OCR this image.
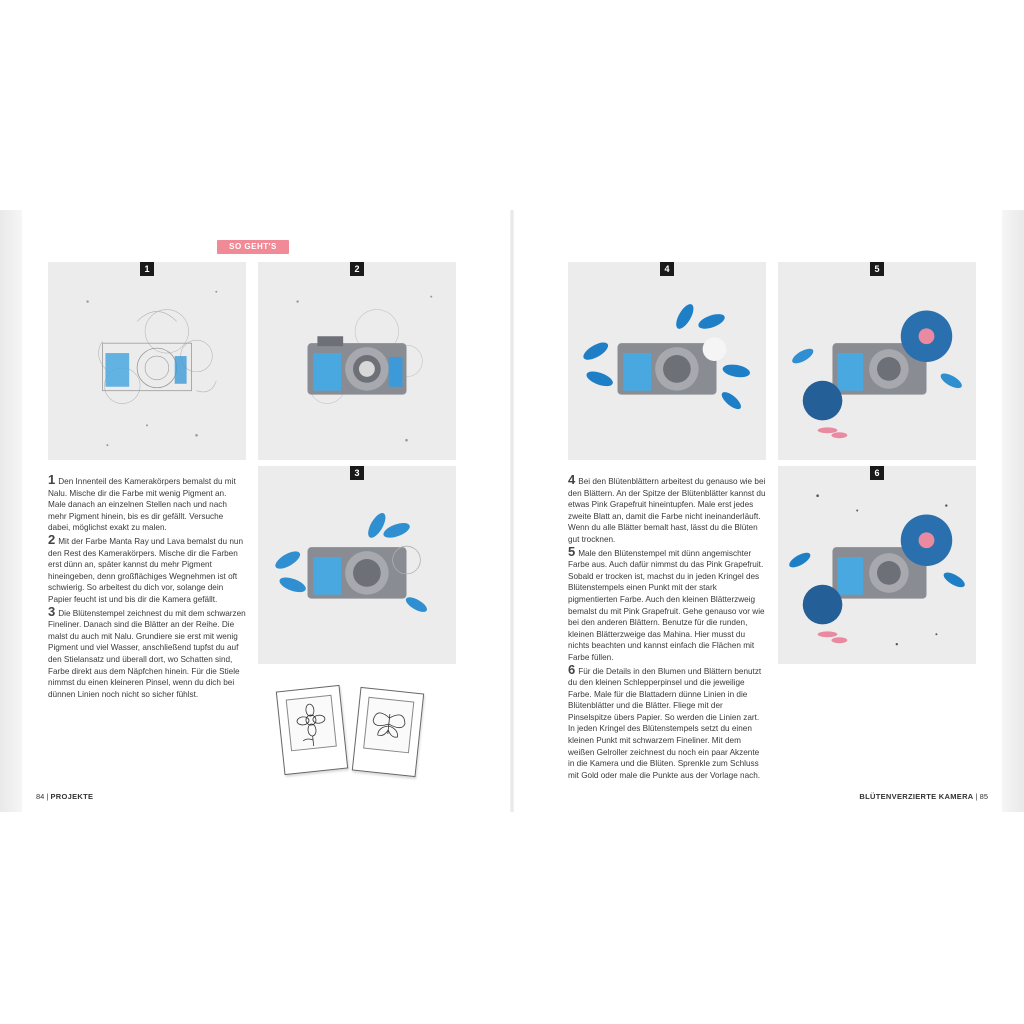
SO GEHT'S
1	2
3
4	5
6

1 Den Innenteil des Kamerakörpers bemalst du mit Nalu. Mische dir die Farbe mit wenig Pigment an. Male danach an einzelnen Stellen nach und nach mehr Pigment hinein, bis es dir gefällt. Versuche dabei, möglichst exakt zu malen.

2 Mit der Farbe Manta Ray und Lava bemalst du nun den Rest des Kamerakörpers. Mische dir die Farben erst dünn an, später kannst du mehr Pigment hineingeben, denn großflächiges Wegnehmen ist oft schwierig. So arbeitest du dich vor, solange dein Papier feucht ist und bis dir die Kamera gefällt.

3 Die Blütenstempel zeichnest du mit dem schwarzen Fineliner. Danach sind die Blätter an der Reihe. Die malst du auch mit Nalu. Grundiere sie erst mit wenig Pigment und viel Wasser, anschließend tupfst du auf den Stielansatz und überall dort, wo Schatten sind, Farbe direkt aus dem Näpfchen hinein. Für die Stiele nimmst du einen kleineren Pinsel, wenn du dich bei dünnen Linien noch nicht so sicher fühlst.

4 Bei den Blütenblättern arbeitest du genauso wie bei den Blättern. An der Spitze der Blütenblätter kannst du etwas Pink Grapefruit hineintupfen. Male erst jedes zweite Blatt an, damit die Farbe nicht ineinanderläuft. Wenn du alle Blätter bemalt hast, lässt du die Blüten gut trocknen.

5 Male den Blütenstempel mit dünn angemischter Farbe aus. Auch dafür nimmst du das Pink Grapefruit. Sobald er trocken ist, machst du in jeden Kringel des Blütenstempels einen Punkt mit der stark pigmentierten Farbe. Auch den kleinen Blätterzweig bemalst du mit Pink Grapefruit. Gehe genauso vor wie bei den anderen Blättern. Benutze für die runden, kleinen Blätterzweige das Mahina. Hier musst du nichts beachten und kannst einfach die Flächen mit Farbe füllen.

6 Für die Details in den Blumen und Blättern benutzt du den kleinen Schlepperpinsel und die jeweilige Farbe. Male für die Blattadern dünne Linien in die Blütenblätter und die Blätter. Fliege mit der Pinselspitze übers Papier. So werden die Linien zart. In jeden Kringel des Blütenstempels setzt du einen kleinen Punkt mit schwarzem Fineliner. Mit dem weißen Gelroller zeichnest du noch ein paar Akzente in die Kamera und die Blüten. Sprenkle zum Schluss mit Gold oder male die Punkte aus der Vorlage nach.

84 | PROJEKTE	BLÜTENVERZIERTE KAMERA | 85
